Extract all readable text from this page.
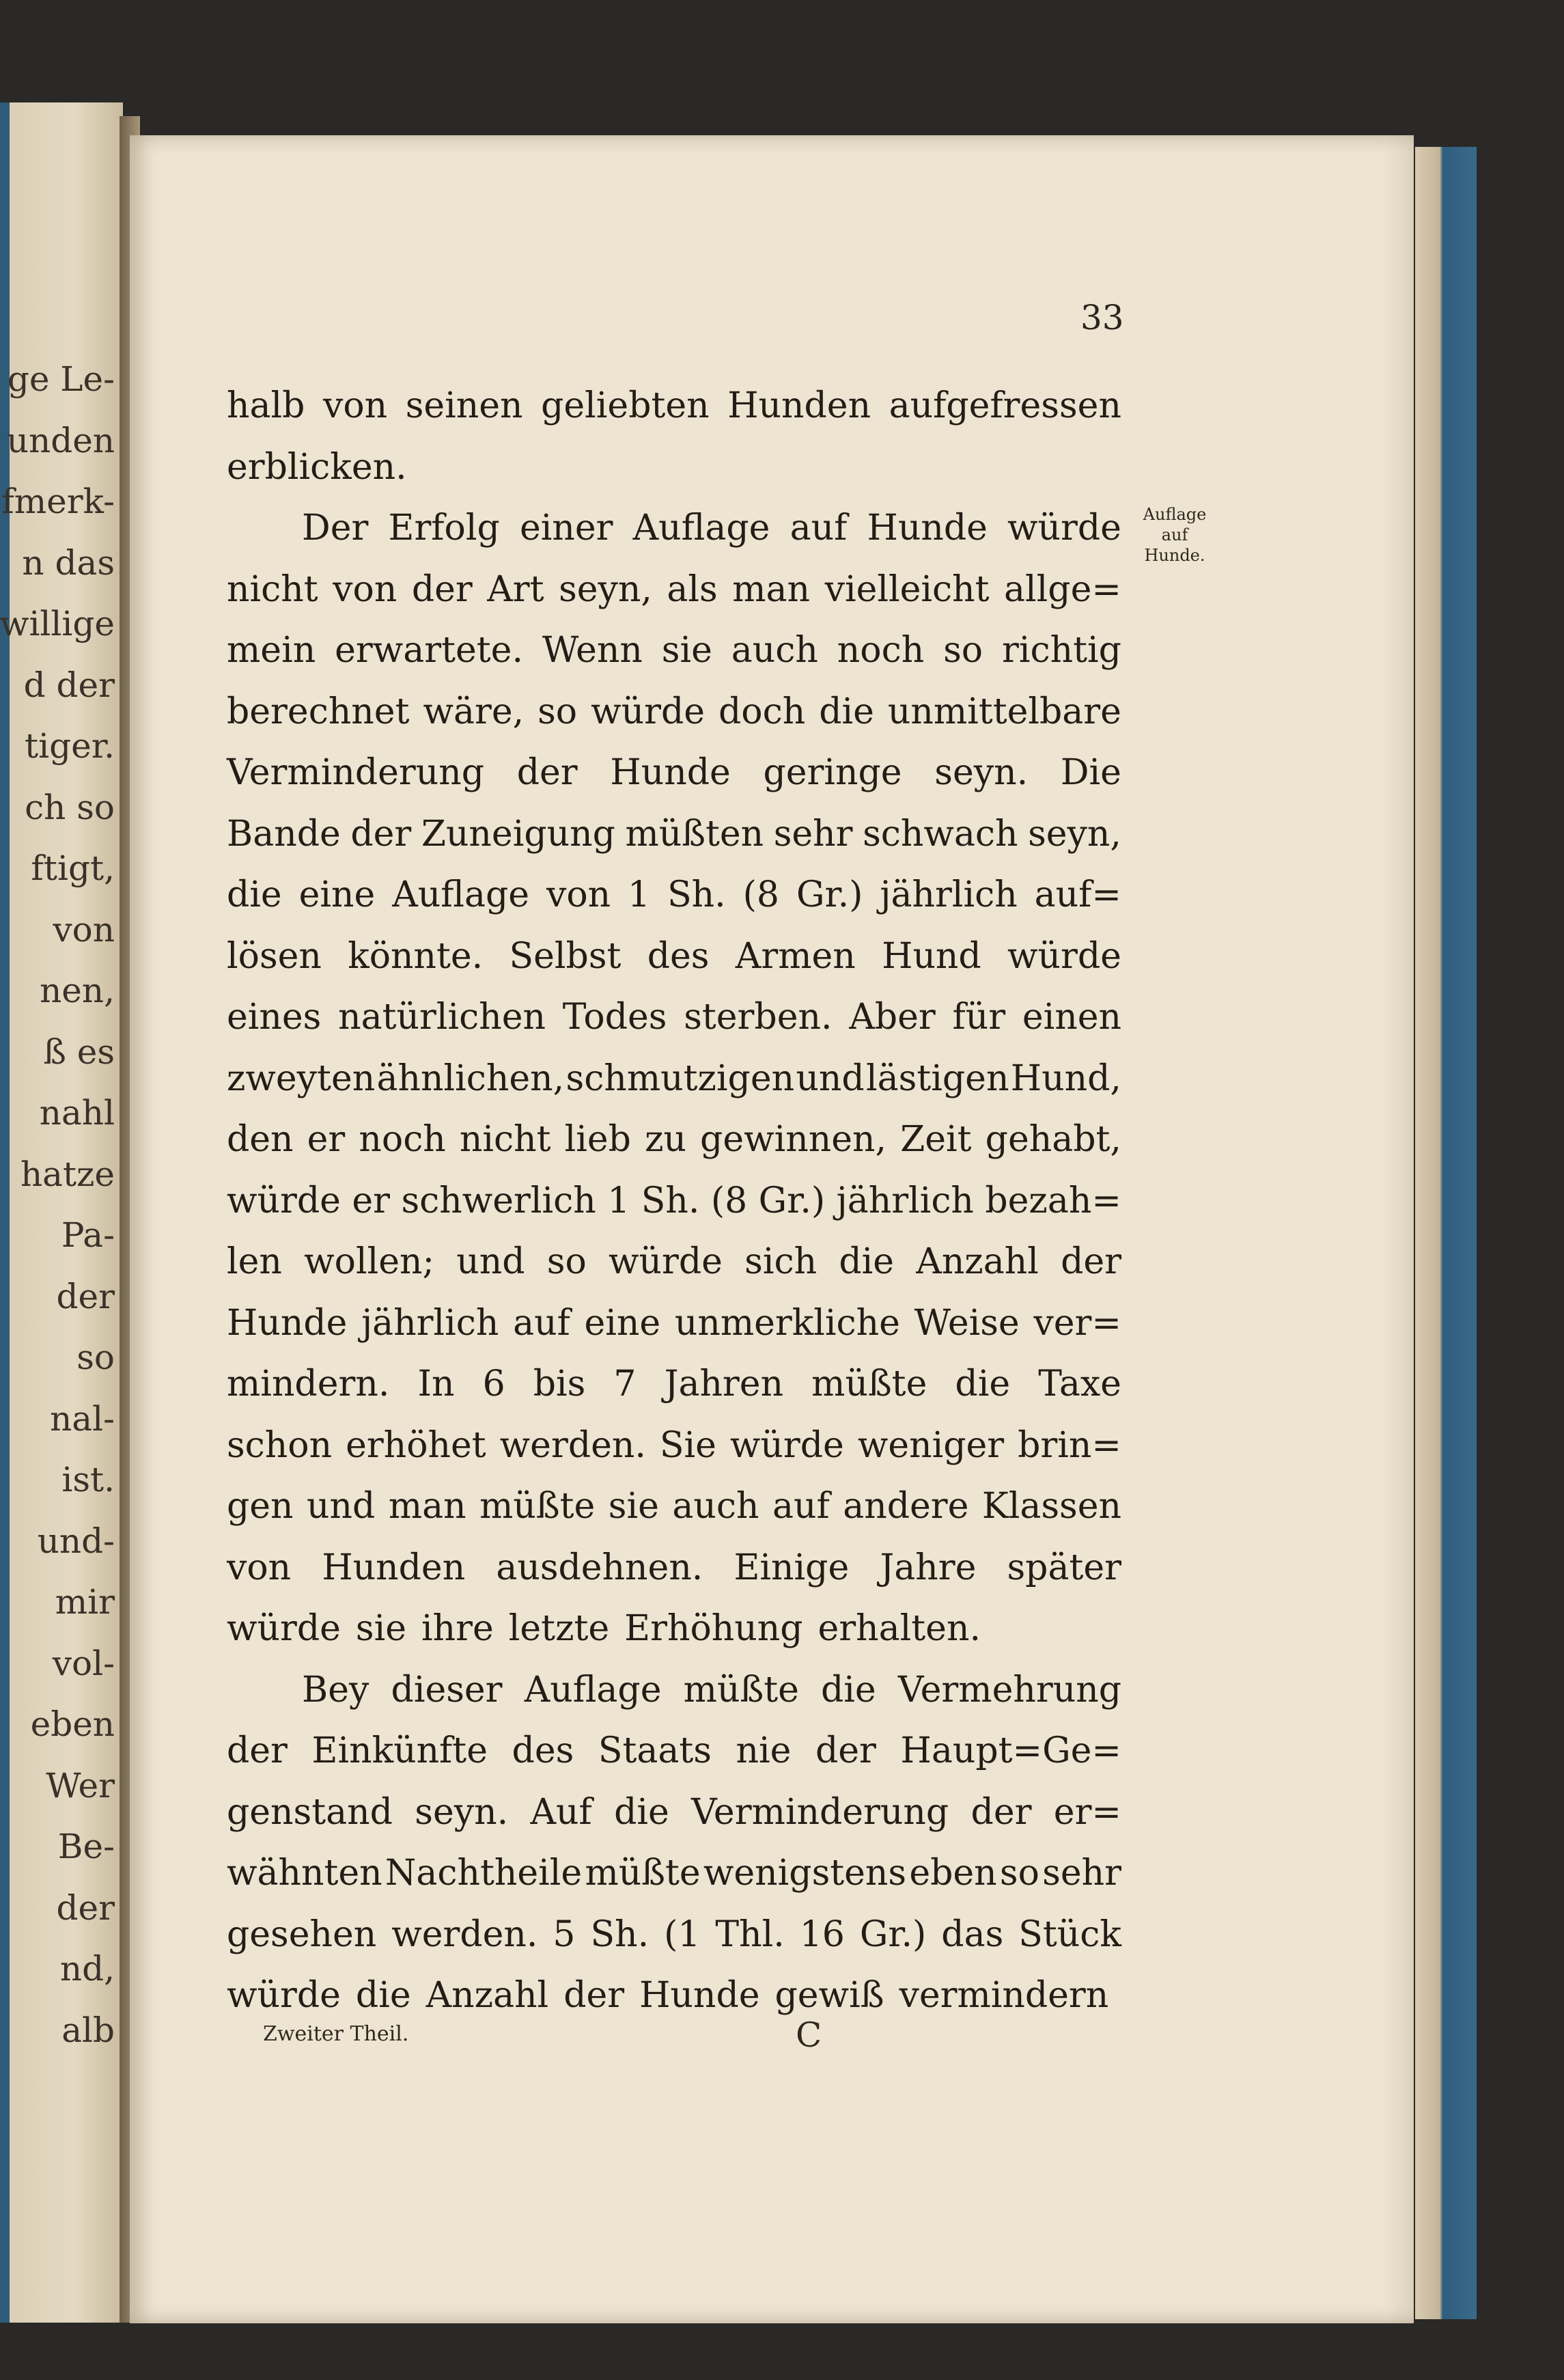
ge Le-
unden
fmerk-
n das
willige
d der
tiger.
ch so
ftigt,
von
nen,
ß es
nahl
hatze
Pa-
der
so
nal-
ist.
und-
mir
vol-
eben
Wer
Be-
der
nd,
alb
33
halb von seinen geliebten Hunden aufgefressen
erblicken.
Der Erfolg einer Auflage auf Hunde würde
nicht von der Art seyn, als man vielleicht allge=
mein erwartete. Wenn sie auch noch so richtig
berechnet wäre, so würde doch die unmittelbare
Verminderung der Hunde geringe seyn. Die
Bande der Zuneigung müßten sehr schwach seyn,
die eine Auflage von 1 Sh. (8 Gr.) jährlich auf=
lösen könnte. Selbst des Armen Hund würde
eines natürlichen Todes sterben. Aber für einen
zweyten ähnlichen, schmutzigen und lästigen Hund,
den er noch nicht lieb zu gewinnen, Zeit gehabt,
würde er schwerlich 1 Sh. (8 Gr.) jährlich bezah=
len wollen; und so würde sich die Anzahl der
Hunde jährlich auf eine unmerkliche Weise ver=
mindern. In 6 bis 7 Jahren müßte die Taxe
schon erhöhet werden. Sie würde weniger brin=
gen und man müßte sie auch auf andere Klassen
von Hunden ausdehnen. Einige Jahre später
würde sie ihre letzte Erhöhung erhalten.
Bey dieser Auflage müßte die Vermehrung
der Einkünfte des Staats nie der Haupt=Ge=
genstand seyn. Auf die Verminderung der er=
wähnten Nachtheile müßte wenigstens eben so sehr
gesehen werden. 5 Sh. (1 Thl. 16 Gr.) das Stück
würde die Anzahl der Hunde gewiß vermindern
Auflage
auf
Hunde.
Zweiter Theil.	C
